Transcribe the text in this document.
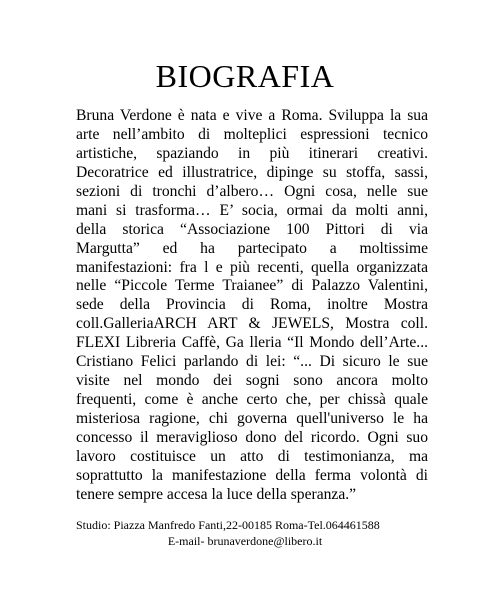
BIOGRAFIA
Bruna Verdone è nata e vive a Roma. Sviluppa la sua
arte nell’ambito di molteplici espressioni tecnico
artistiche, spaziando in più itinerari creativi.
Decoratrice ed illustratrice, dipinge su stoffa, sassi,
sezioni di tronchi d’albero… Ogni cosa, nelle sue
mani si trasforma… E’ socia, ormai da molti anni,
della storica “Associazione 100 Pittori di via
Margutta” ed ha partecipato a moltissime
manifestazioni: fra l e più recenti, quella organizzata
nelle “Piccole Terme Traianee” di Palazzo Valentini,
sede della Provincia di Roma, inoltre Mostra
coll.GalleriaARCH ART & JEWELS, Mostra coll.
FLEXI Libreria Caffè, Ga lleria “Il Mondo dell’Arte...
Cristiano Felici parlando di lei: “... Di sicuro le sue
visite nel mondo dei sogni sono ancora molto
frequenti, come è anche certo che, per chissà quale
misteriosa ragione, chi governa quell'universo le ha
concesso il meraviglioso dono del ricordo. Ogni suo
lavoro costituisce un atto di testimonianza, ma
soprattutto la manifestazione della ferma volontà di
tenere sempre accesa la luce della speranza.”

Studio: Piazza Manfredo Fanti,22-00185 Roma-Tel.064461588

E-mail- brunaverdone@libero.it
